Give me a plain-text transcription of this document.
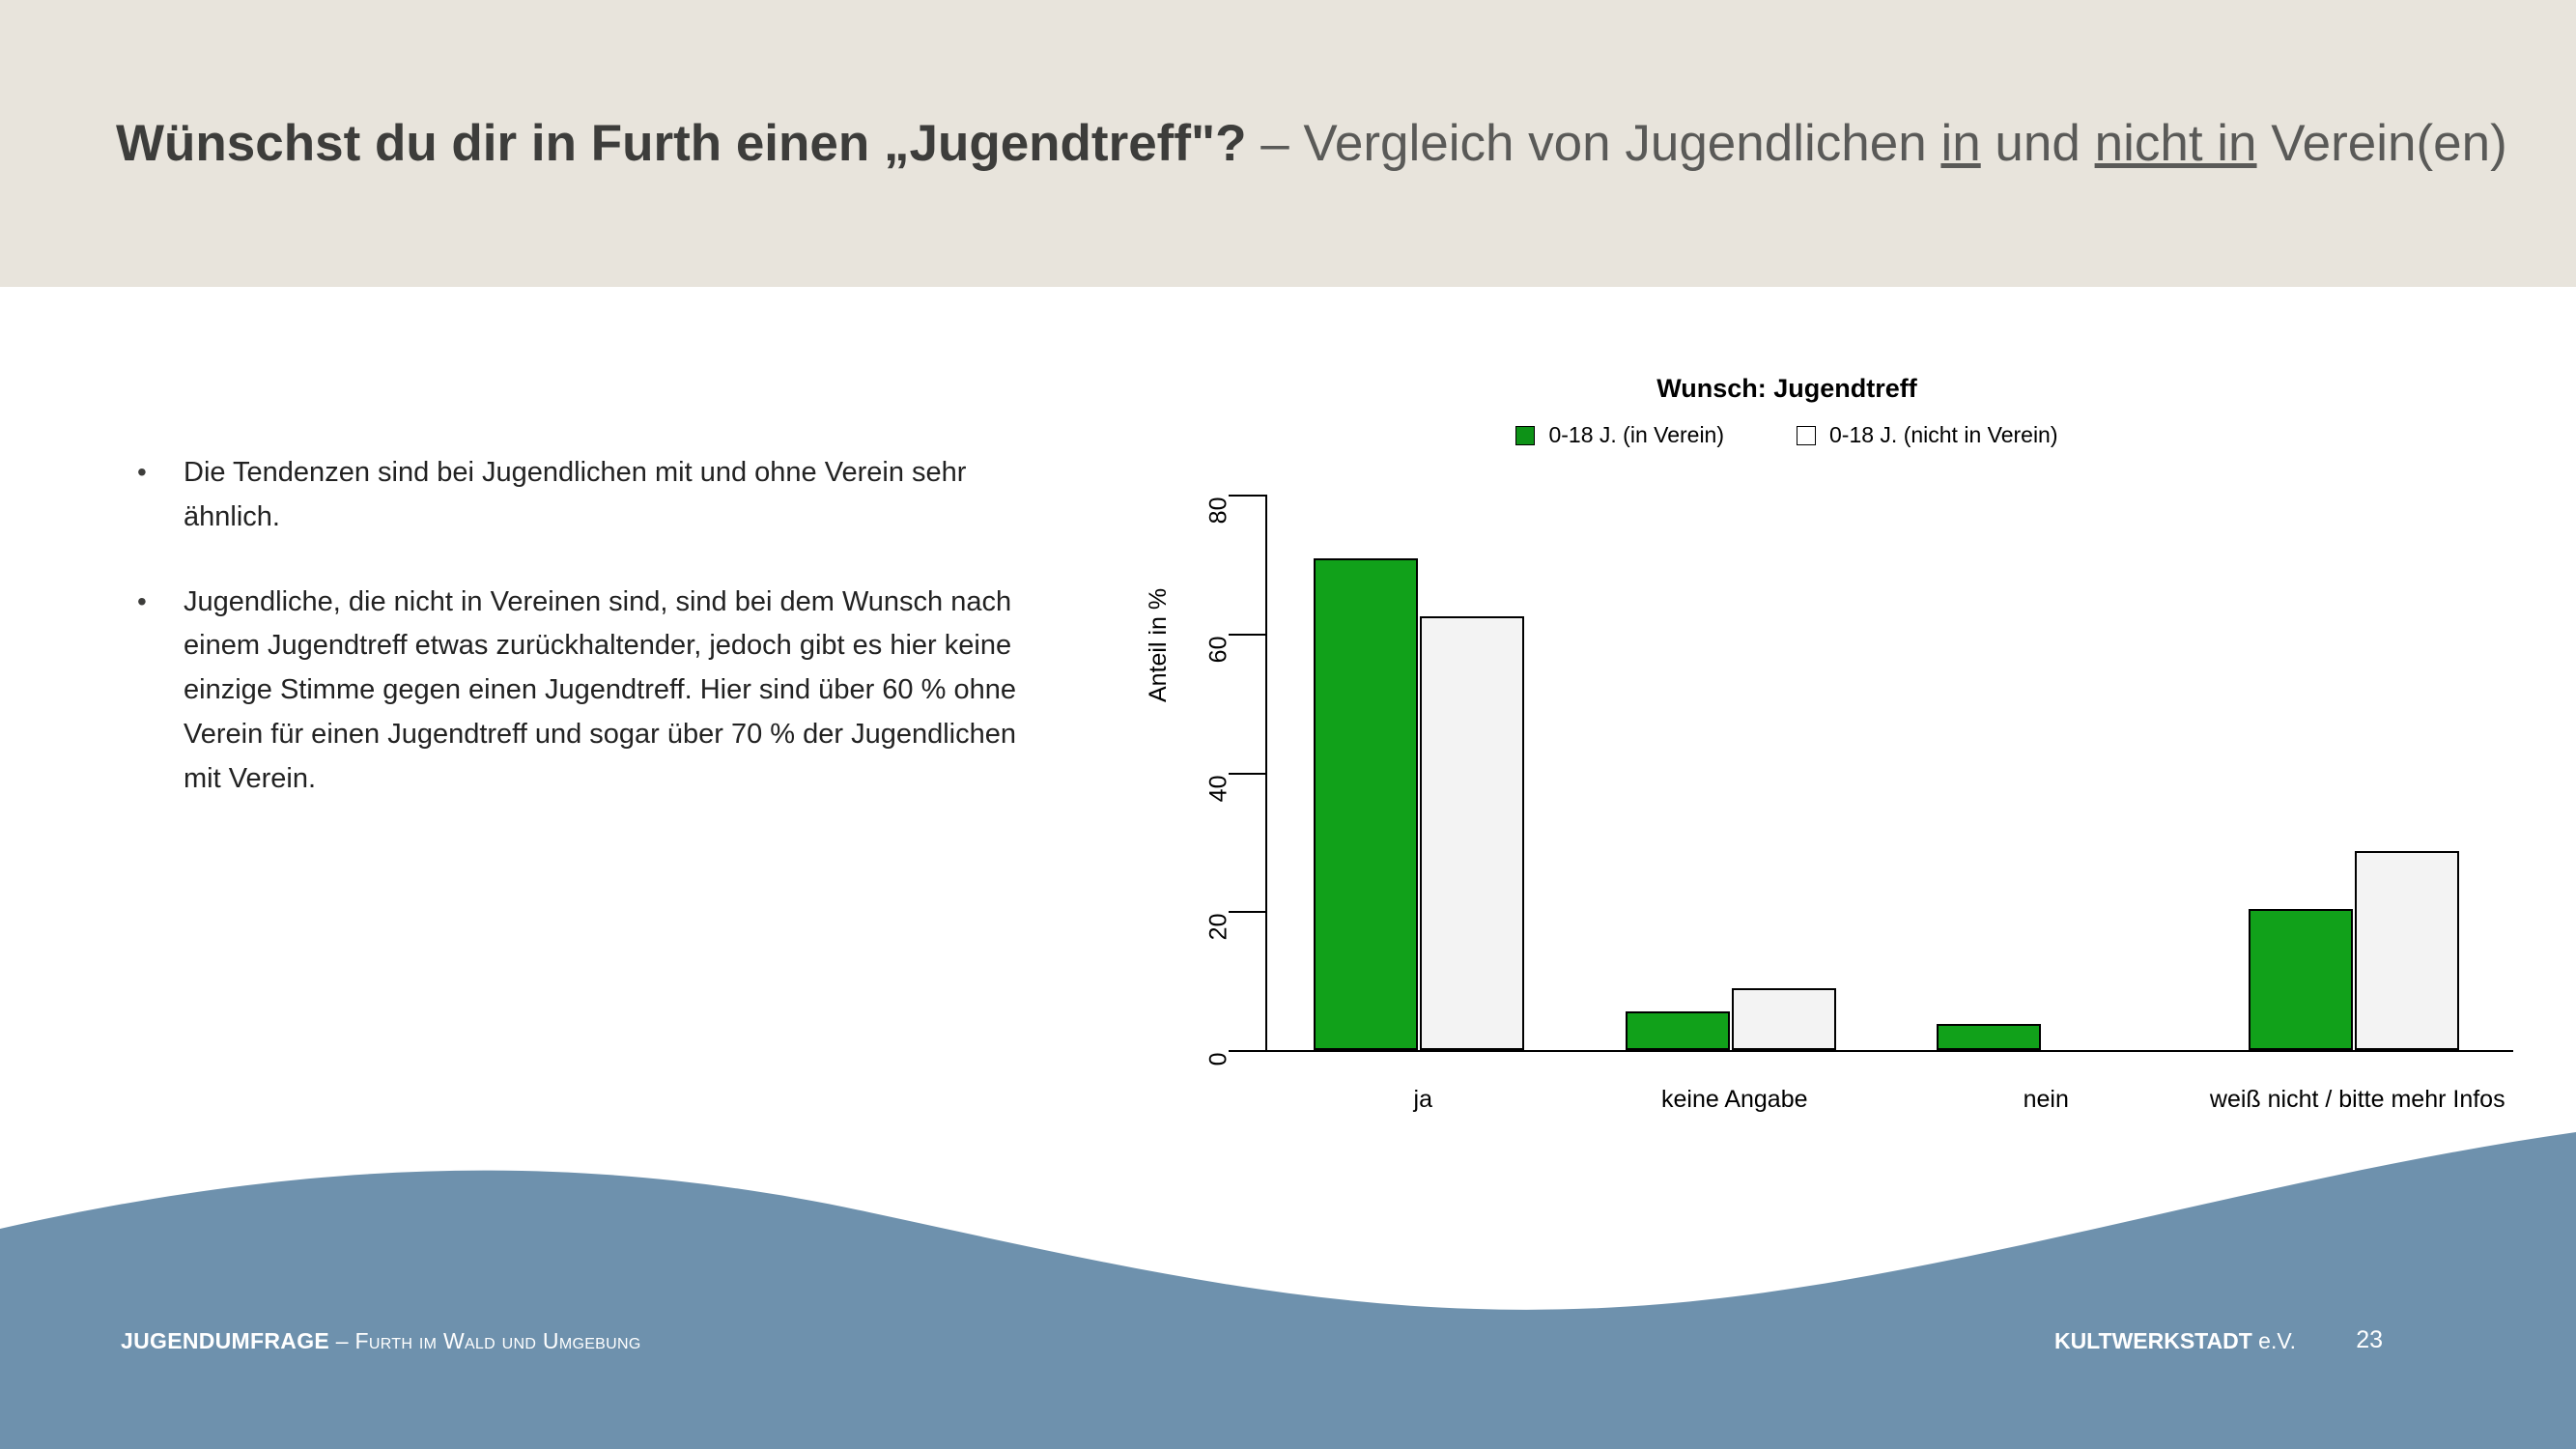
Wünschst du dir in Furth einen „Jugendtreff"? – Vergleich von Jugendlichen in und nicht in Verein(en)
•	Die Tendenzen sind bei Jugendlichen mit und ohne Verein sehr ähnlich.
•	Jugendliche, die nicht in Vereinen sind, sind bei dem Wunsch nach einem Jugendtreff etwas zurückhaltender, jedoch gibt es hier keine einzige Stimme gegen einen Jugendtreff. Hier sind über 60 % ohne Verein für einen Jugendtreff und sogar über 70 % der Jugendlichen mit Verein.
Wunsch: Jugendtreff
0-18 J. (in Verein)	0-18 J. (nicht in Verein)
Anteil in %
0
20
40
60
80
ja	keine Angabe	nein	weiß nicht / bitte mehr Infos
JUGENDUMFRAGE – Furth im Wald und Umgebung	KULTWERKSTADT e.V. 23
